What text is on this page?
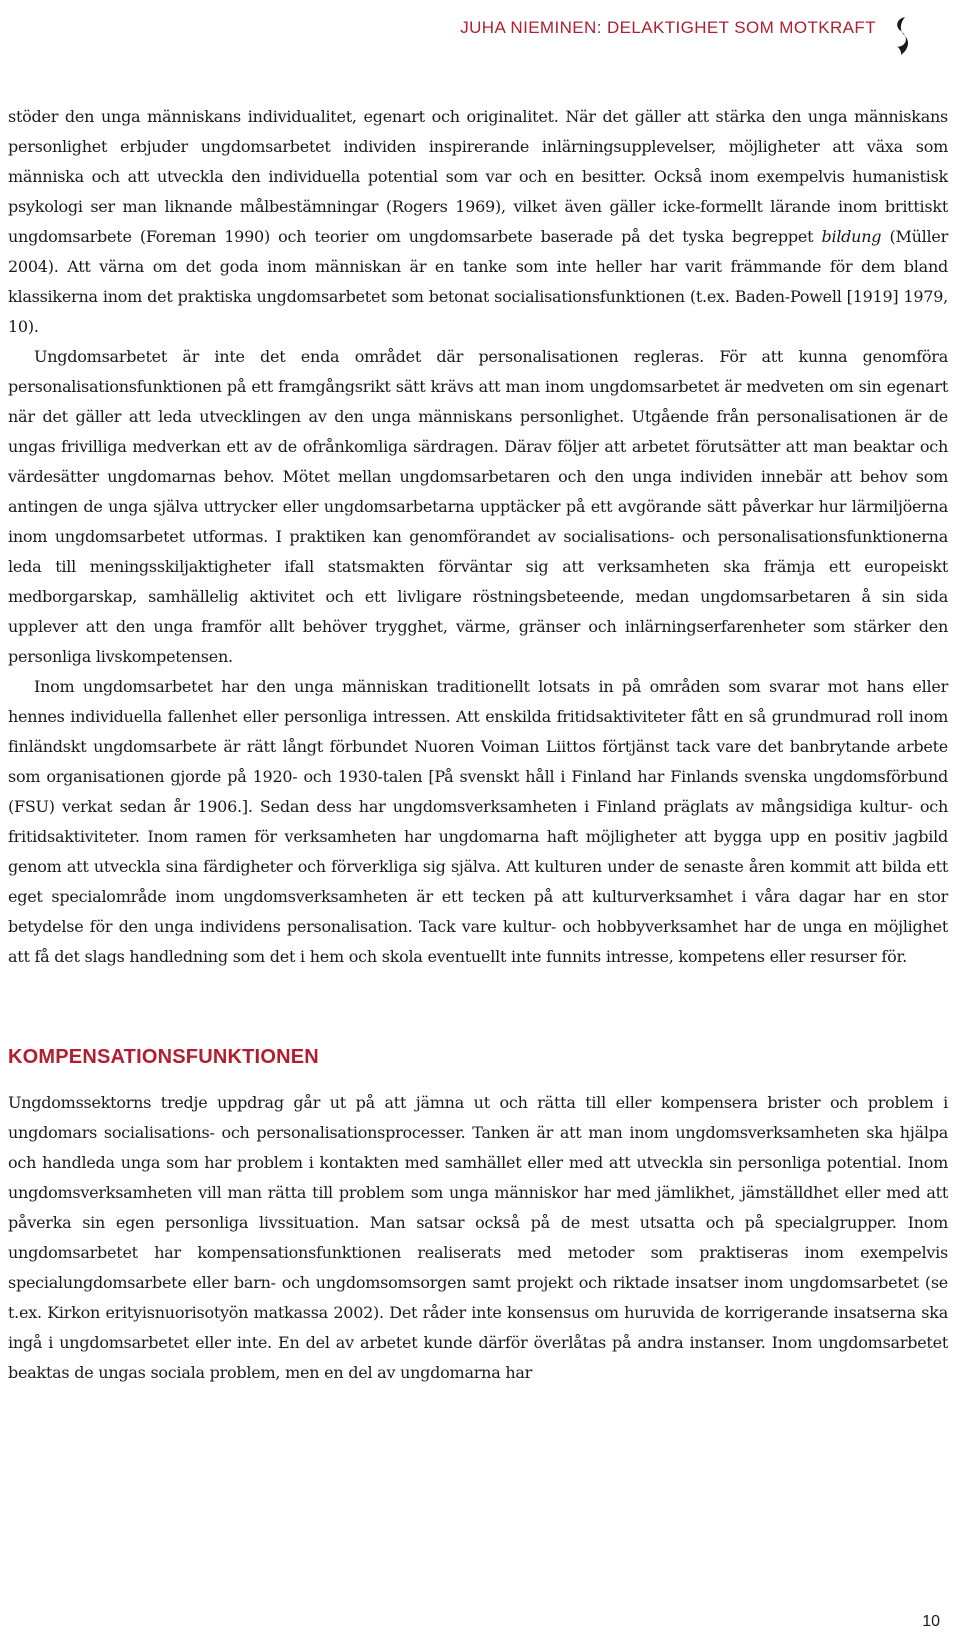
JUHA NIEMINEN: DELAKTIGHET SOM MOTKRAFT

stöder den unga människans individualitet, egenart och originalitet. När det gäller att stärka den unga människans personlighet erbjuder ungdomsarbetet individen inspirerande inlärningsupplevelser, möjligheter att växa som människa och att utveckla den individuella potential som var och en besitter. Också inom exempelvis humanistisk psykologi ser man liknande målbestämningar (Rogers 1969), vilket även gäller icke-formellt lärande inom brittiskt ungdomsarbete (Foreman 1990) och teorier om ungdomsarbete baserade på det tyska begreppet bildung (Müller 2004). Att värna om det goda inom människan är en tanke som inte heller har varit främmande för dem bland klassikerna inom det praktiska ungdomsarbetet som betonat socialisationsfunktionen (t.ex. Baden-Powell [1919] 1979, 10).

Ungdomsarbetet är inte det enda området där personalisationen regleras. För att kunna genomföra personalisationsfunktionen på ett framgångsrikt sätt krävs att man inom ungdomsarbetet är medveten om sin egenart när det gäller att leda utvecklingen av den unga människans personlighet. Utgående från personalisationen är de ungas frivilliga medverkan ett av de ofrånkomliga särdragen. Därav följer att arbetet förutsätter att man beaktar och värdesätter ungdomarnas behov. Mötet mellan ungdomsarbetaren och den unga individen innebär att behov som antingen de unga själva uttrycker eller ungdomsarbetarna upptäcker på ett avgörande sätt påverkar hur lärmiljöerna inom ungdomsarbetet utformas. I praktiken kan genomförandet av socialisations- och personalisationsfunktionerna leda till meningsskiljaktigheter ifall statsmakten förväntar sig att verksamheten ska främja ett europeiskt medborgarskap, samhällelig aktivitet och ett livligare röstningsbeteende, medan ungdomsarbetaren å sin sida upplever att den unga framför allt behöver trygghet, värme, gränser och inlärningserfarenheter som stärker den personliga livskompetensen.

Inom ungdomsarbetet har den unga människan traditionellt lotsats in på områden som svarar mot hans eller hennes individuella fallenhet eller personliga intressen. Att enskilda fritidsaktiviteter fått en så grundmurad roll inom finländskt ungdomsarbete är rätt långt förbundet Nuoren Voiman Liittos förtjänst tack vare det banbrytande arbete som organisationen gjorde på 1920- och 1930-talen [På svenskt håll i Finland har Finlands svenska ungdomsförbund (FSU) verkat sedan år 1906.]. Sedan dess har ungdomsverksamheten i Finland präglats av mångsidiga kultur- och fritidsaktiviteter. Inom ramen för verksamheten har ungdomarna haft möjligheter att bygga upp en positiv jagbild genom att utveckla sina färdigheter och förverkliga sig själva. Att kulturen under de senaste åren kommit att bilda ett eget specialområde inom ungdomsverksamheten är ett tecken på att kulturverksamhet i våra dagar har en stor betydelse för den unga individens personalisation. Tack vare kultur- och hobbyverksamhet har de unga en möjlighet att få det slags handledning som det i hem och skola eventuellt inte funnits intresse, kompetens eller resurser för.

KOMPENSATIONSFUNKTIONEN

Ungdomssektorns tredje uppdrag går ut på att jämna ut och rätta till eller kompensera brister och problem i ungdomars socialisations- och personalisationsprocesser. Tanken är att man inom ungdomsverksamheten ska hjälpa och handleda unga som har problem i kontakten med samhället eller med att utveckla sin personliga potential. Inom ungdomsverksamheten vill man rätta till problem som unga människor har med jämlikhet, jämställdhet eller med att påverka sin egen personliga livssituation. Man satsar också på de mest utsatta och på specialgrupper. Inom ungdomsarbetet har kompensationsfunktionen realiserats med metoder som praktiseras inom exempelvis specialungdomsarbete eller barn- och ungdomsomsorgen samt projekt och riktade insatser inom ungdomsarbetet (se t.ex. Kirkon erityisnuorisotyön matkassa 2002). Det råder inte konsensus om huruvida de korrigerande insatserna ska ingå i ungdomsarbetet eller inte. En del av arbetet kunde därför överlåtas på andra instanser. Inom ungdomsarbetet beaktas de ungas sociala problem, men en del av ungdomarna har

10
